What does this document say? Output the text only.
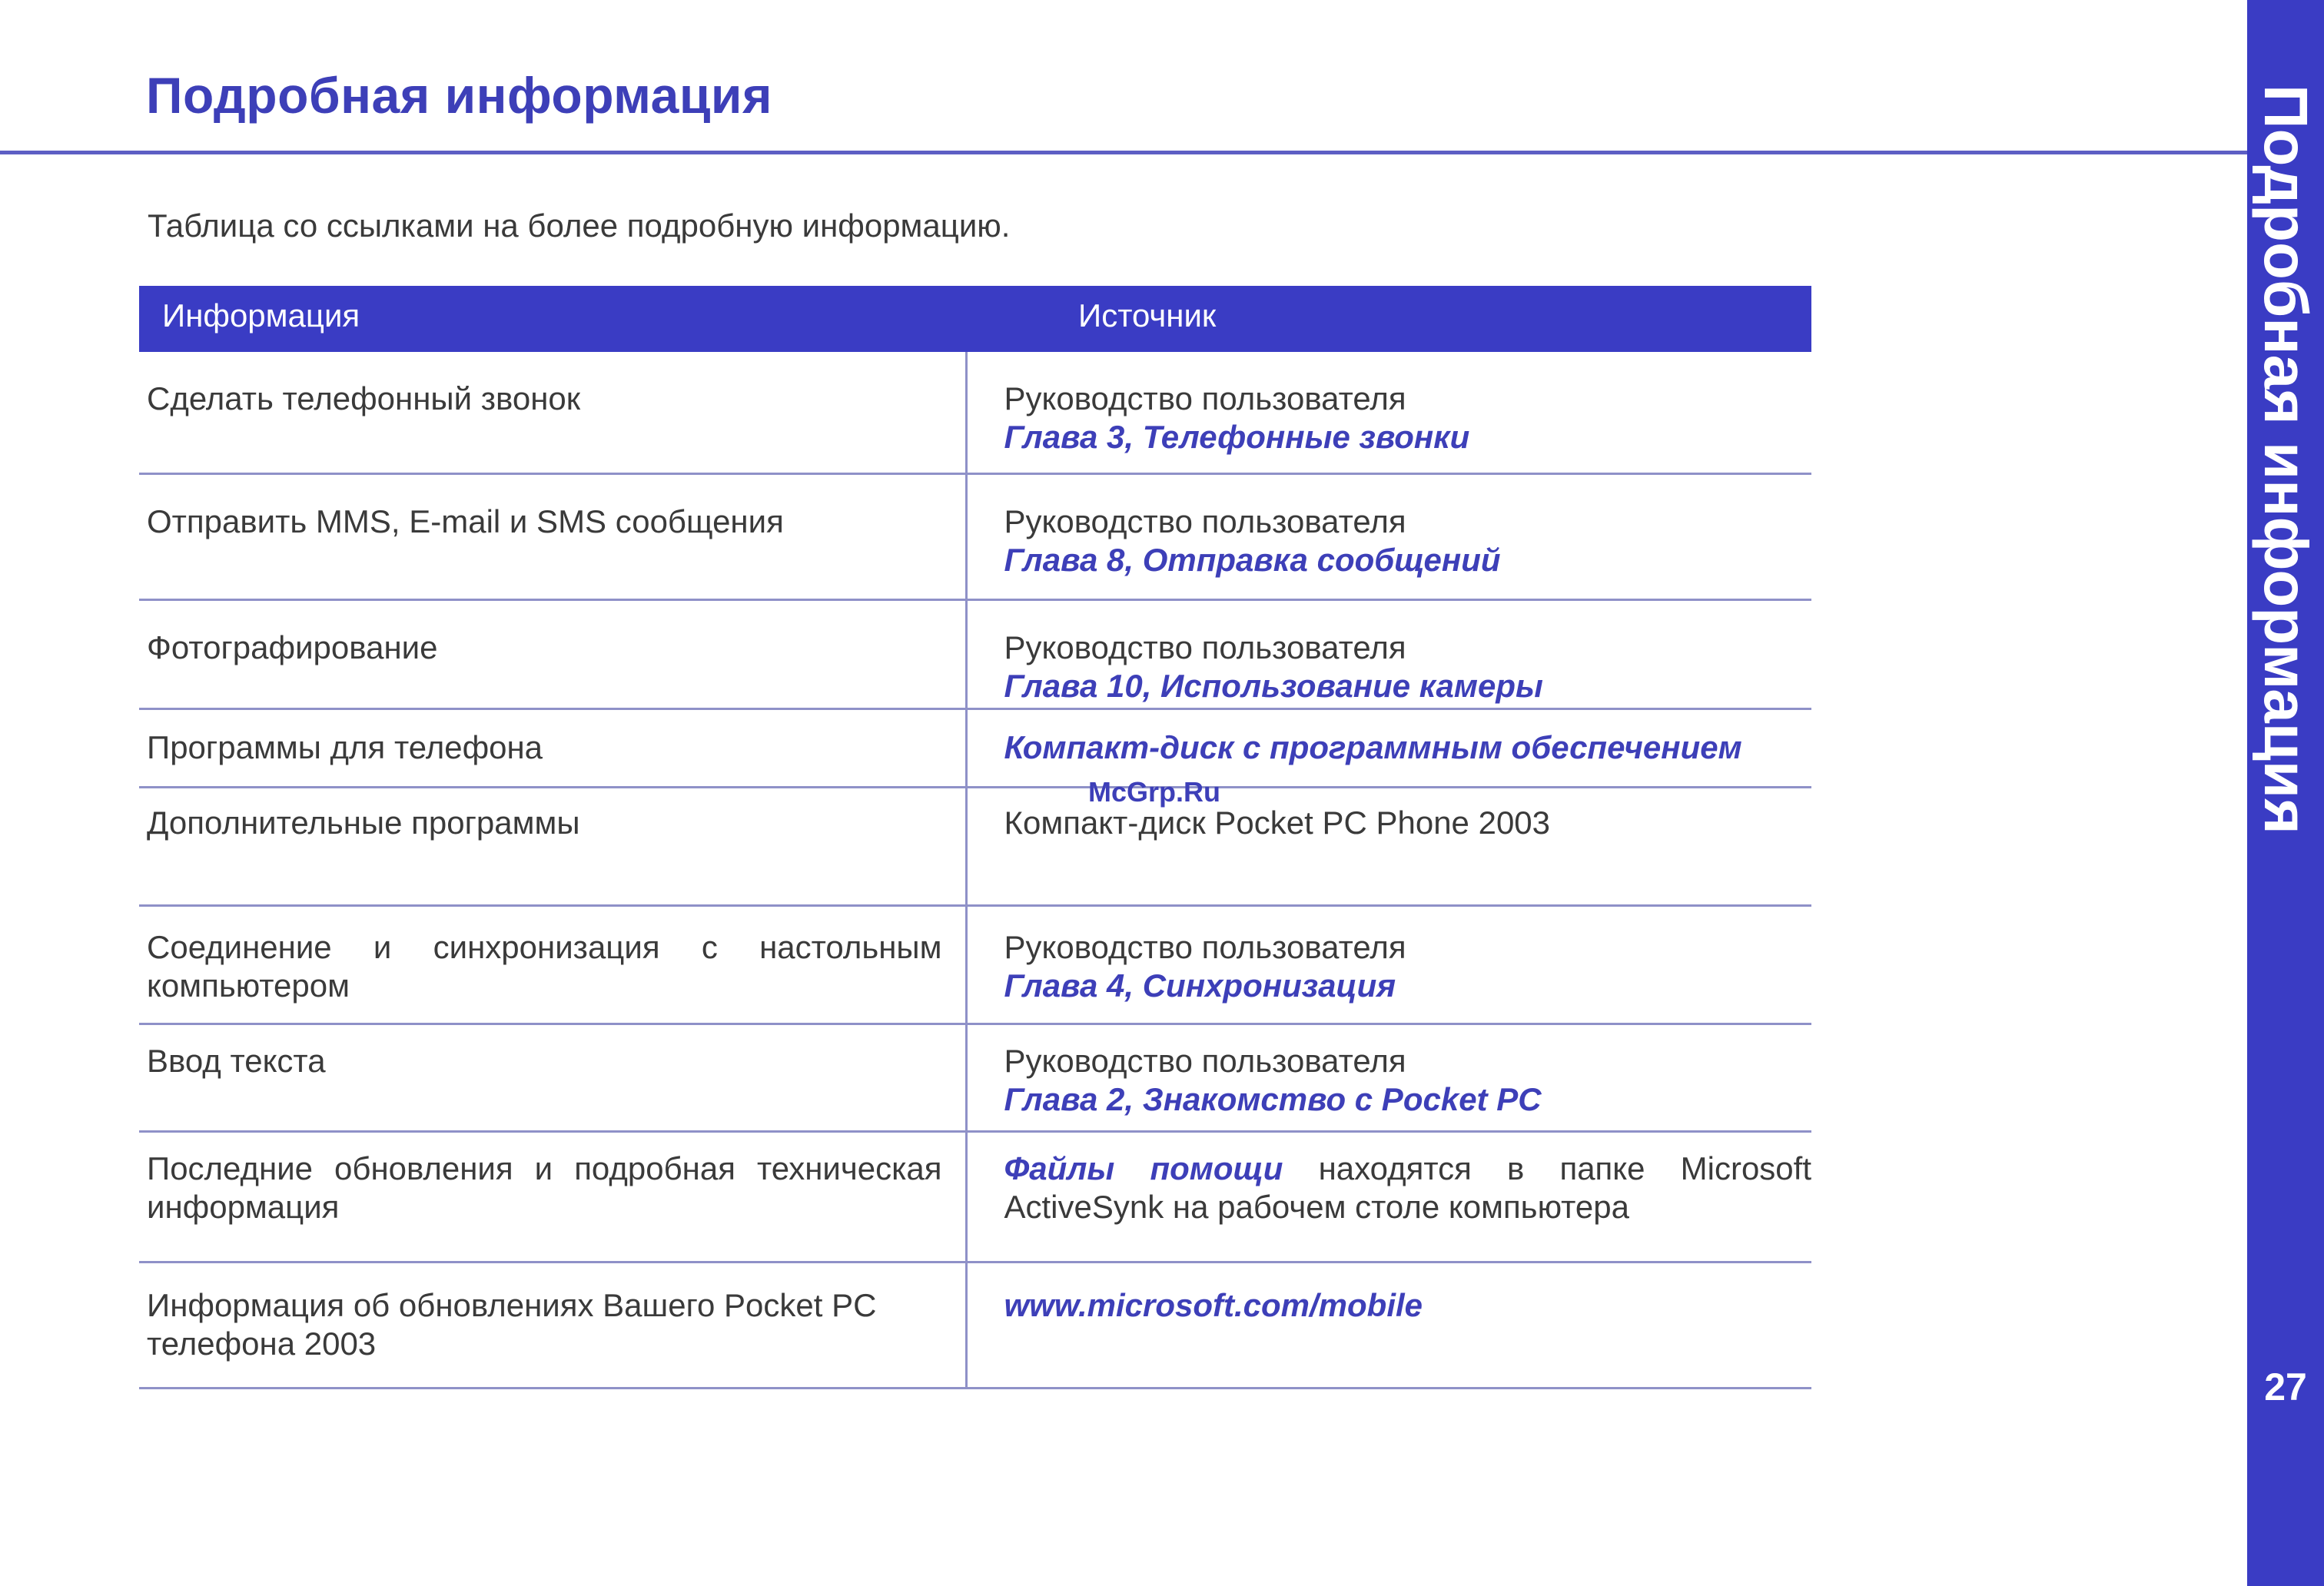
Подробная информация
Таблица со ссылками на более подробную информацию.
Информация	Источник
Сделать телефонный звонок	Руководство пользователя
Глава 3, Телефонные звонки

Отправить MMS, E-mail и SMS сообщения	Руководство пользователя
Глава 8, Отправка сообщений

Фотографирование	Руководство пользователя
Глава 10, Использование камеры

Программы для телефона	Компакт-диск с программным обеспечением

Дополнительные программы	Компакт-диск Pocket PC Phone 2003

Соединение и синхронизация с настольным компьютером	Руководство пользователя
Глава 4, Синхронизация

Ввод текста	Руководство пользователя
Глава 2, Знакомство с Pocket PC

Последние обновления и подробная техническая информация	Файлы помощи находятся в папке Microsoft ActiveSynk на рабочем столе компьютера
Информация об обновлениях Вашего Pocket PC телефона 2003	www.microsoft.com/mobile
McGrp.Ru	Подробная информация
27
